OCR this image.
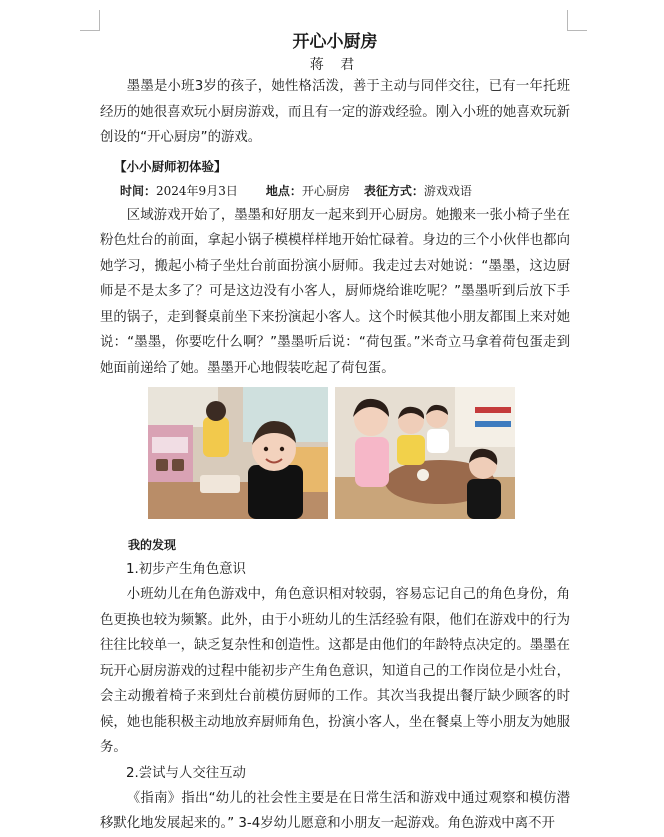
开心小厨房
蒋 君

墨墨是小班3岁的孩子，她性格活泼，善于主动与同伴交往，已有一年托班经历的她很喜欢玩小厨房游戏，而且有一定的游戏经验。刚入小班的她喜欢玩新创设的“开心厨房”的游戏。

【小小厨师初体验】
时间：2024年9月3日 地点：开心厨房 表征方式：游戏戏语

区域游戏开始了，墨墨和好朋友一起来到开心厨房。她搬来一张小椅子坐在粉色灶台的前面，拿起小锅子模模样样地开始忙碌着。身边的三个小伙伴也都向她学习，搬起小椅子坐灶台前面扮演小厨师。我走过去对她说：“墨墨，这边厨师是不是太多了？可是这边没有小客人，厨师烧给谁吃呢？”墨墨听到后放下手里的锅子，走到餐桌前坐下来扮演起小客人。这个时候其他小朋友都围上来对她说：“墨墨，你要吃什么啊？”墨墨听后说：“荷包蛋。”米奇立马拿着荷包蛋走到她面前递给了她。墨墨开心地假装吃起了荷包蛋。

我的发现
1.初步产生角色意识

小班幼儿在角色游戏中，角色意识相对较弱，容易忘记自己的角色身份，角色更换也较为频繁。此外，由于小班幼儿的生活经验有限，他们在游戏中的行为往往比较单一，缺乏复杂性和创造性。这都是由他们的年龄特点决定的。墨墨在玩开心厨房游戏的过程中能初步产生角色意识，知道自己的工作岗位是小灶台，会主动搬着椅子来到灶台前模仿厨师的工作。其次当我提出餐厅缺少顾客的时候，她也能积极主动地放弃厨师角色，扮演小客人，坐在餐桌上等小朋友为她服务。

2.尝试与人交往互动

《指南》指出“幼儿的社会性主要是在日常生活和游戏中通过观察和模仿潜移默化地发展起来的。” 3-4岁幼儿愿意和小朋友一起游戏。角色游戏中离不开
